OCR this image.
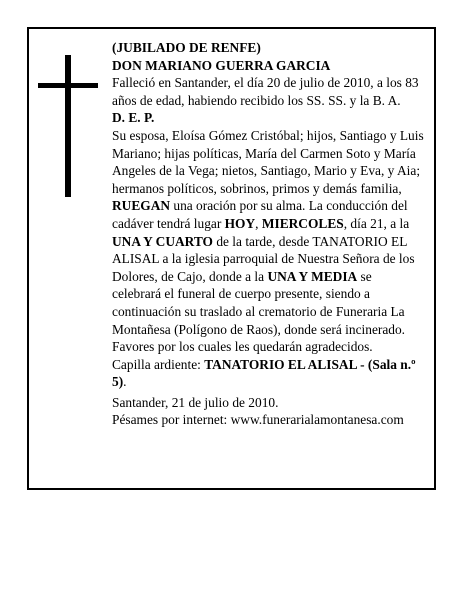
(JUBILADO DE RENFE)

DON MARIANO GUERRA GARCIA

Falleció en Santander, el día 20 de julio de 2010, a los 83 años de edad, habiendo recibido los SS. SS. y la B. A.

D. E. P.

Su esposa, Eloísa Gómez Cristóbal; hijos, Santiago y Luis Mariano; hijas políticas, María del Carmen Soto y María Angeles de la Vega; nietos, Santiago, Mario y Eva, y Aia; hermanos políticos, sobrinos, primos y demás familia,

RUEGAN una oración por su alma. La conducción del cadáver tendrá lugar HOY, MIERCOLES, día 21, a la UNA Y CUARTO de la tarde, desde TANATORIO EL ALISAL a la iglesia parroquial de Nuestra Señora de los Dolores, de Cajo, donde a la UNA Y MEDIA se celebrará el funeral de cuerpo presente, siendo a continuación su traslado al crematorio de Funeraria La Montañesa (Polígono de Raos), donde será incinerado. Favores por los cuales les quedarán agradecidos.

Capilla ardiente: TANATORIO EL ALISAL - (Sala n.º 5).

Santander, 21 de julio de 2010.

Pésames por internet: www.funerarialamontanesa.com
